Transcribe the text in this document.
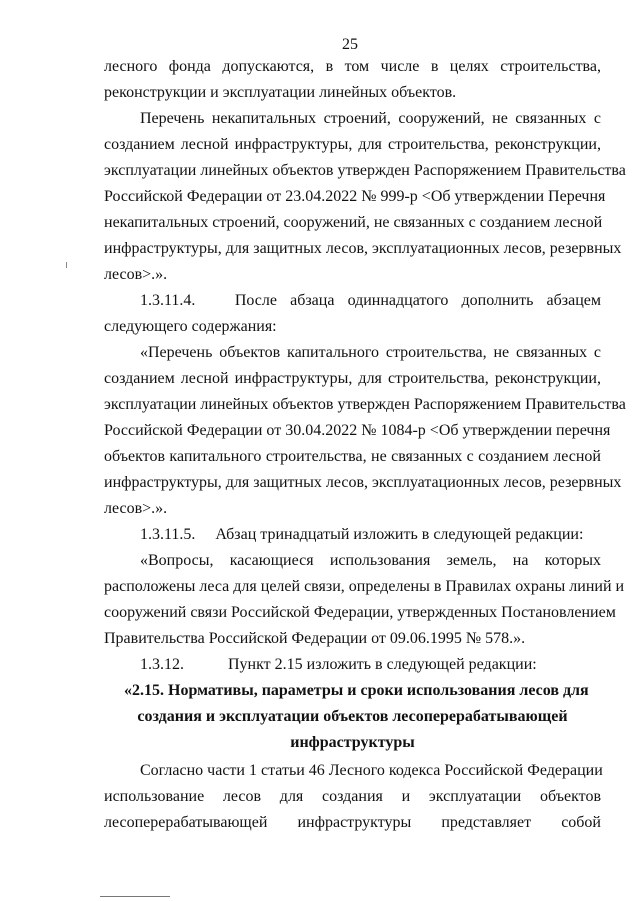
25
лесного фонда допускаются, в том числе в целях строительства,
реконструкции и эксплуатации линейных объектов.
Перечень некапитальных строений, сооружений, не связанных с
созданием лесной инфраструктуры, для строительства, реконструкции,
эксплуатации линейных объектов утвержден Распоряжением Правительства
Российской Федерации от 23.04.2022 № 999-р <Об утверждении Перечня
некапитальных строений, сооружений, не связанных с созданием лесной
инфраструктуры, для защитных лесов, эксплуатационных лесов, резервных
лесов>.».
1.3.11.4.   После абзаца одиннадцатого дополнить абзацем
следующего содержания:
«Перечень объектов капитального строительства, не связанных с
созданием лесной инфраструктуры, для строительства, реконструкции,
эксплуатации линейных объектов утвержден Распоряжением Правительства
Российской Федерации от 30.04.2022 № 1084-р <Об утверждении перечня
объектов капитального строительства, не связанных с созданием лесной
инфраструктуры, для защитных лесов, эксплуатационных лесов, резервных
лесов>.».
1.3.11.5.     Абзац тринадцатый изложить в следующей редакции:
«Вопросы, касающиеся использования земель, на которых
расположены леса для целей связи, определены в Правилах охраны линий и
сооружений связи Российской Федерации, утвержденных Постановлением
Правительства Российской Федерации от 09.06.1995 № 578.».
1.3.12.           Пункт 2.15 изложить в следующей редакции:
«2.15. Нормативы, параметры и сроки использования лесов для
создания и эксплуатации объектов лесоперерабатывающей
инфраструктуры
Согласно части 1 статьи 46 Лесного кодекса Российской Федерации
использование лесов для создания и эксплуатации объектов
лесоперерабатывающей инфраструктуры представляет собой
